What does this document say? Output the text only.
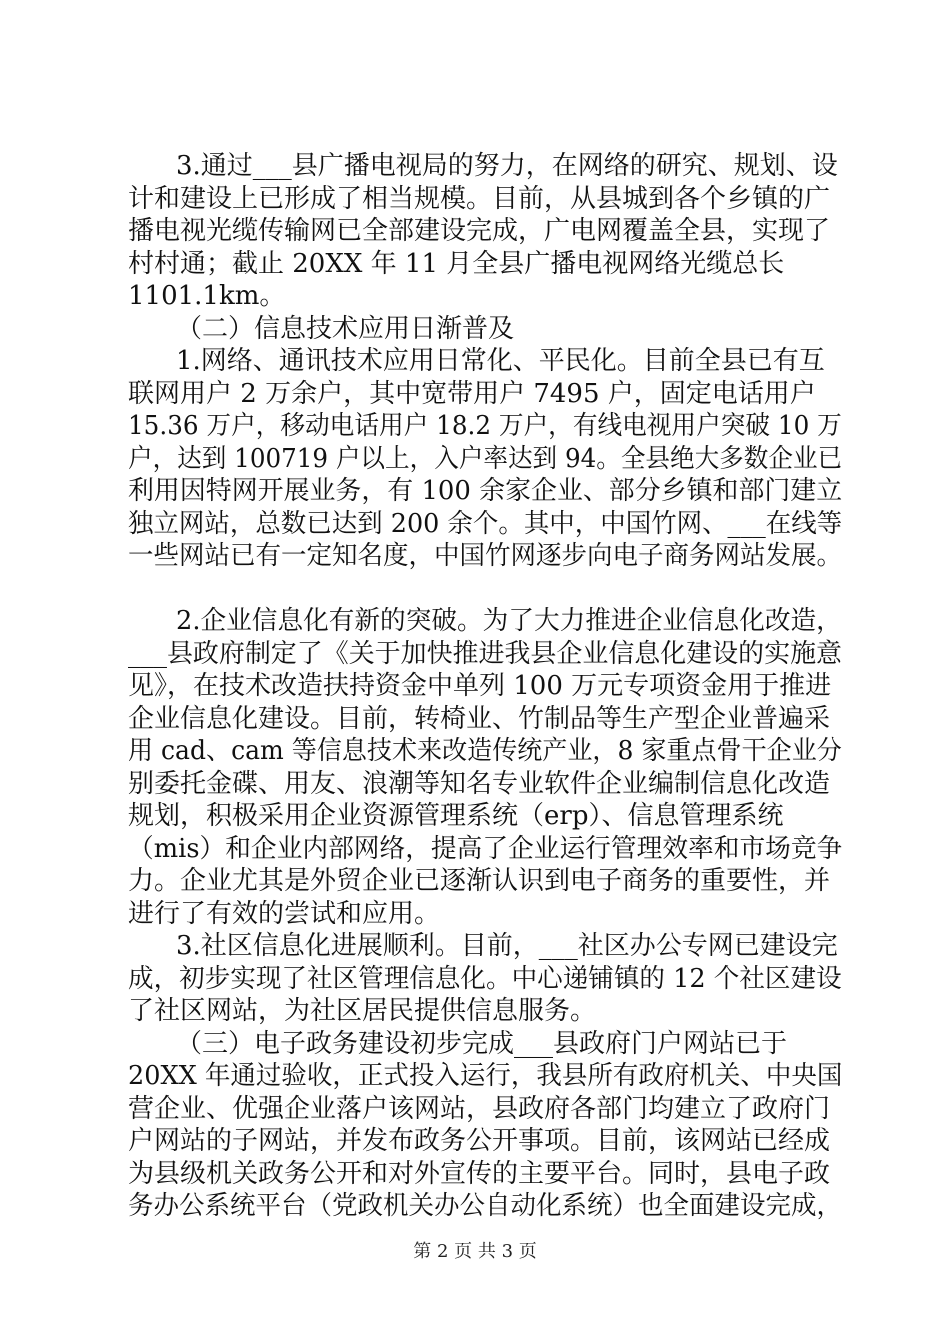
3.通过___县广播电视局的努力，在网络的研究、规划、设
计和建设上已形成了相当规模。目前，从县城到各个乡镇的广
播电视光缆传输网已全部建设完成，广电网覆盖全县，实现了
村村通；截止 20XX 年 11 月全县广播电视网络光缆总长
1101.1km。
（二）信息技术应用日渐普及
1.网络、通讯技术应用日常化、平民化。目前全县已有互
联网用户 2 万余户，其中宽带用户 7495 户，固定电话用户
15.36 万户，移动电话用户 18.2 万户，有线电视用户突破 10 万
户，达到 100719 户以上，入户率达到 94。全县绝大多数企业已
利用因特网开展业务，有 100 余家企业、部分乡镇和部门建立
独立网站，总数已达到 200 余个。其中，中国竹网、___在线等
一些网站已有一定知名度，中国竹网逐步向电子商务网站发展。
2.企业信息化有新的突破。为了大力推进企业信息化改造，
___县政府制定了《关于加快推进我县企业信息化建设的实施意
见》，在技术改造扶持资金中单列 100 万元专项资金用于推进
企业信息化建设。目前，转椅业、竹制品等生产型企业普遍采
用 cad、cam 等信息技术来改造传统产业，8 家重点骨干企业分
别委托金碟、用友、浪潮等知名专业软件企业编制信息化改造
规划，积极采用企业资源管理系统（erp）、信息管理系统
（mis）和企业内部网络，提高了企业运行管理效率和市场竞争
力。企业尤其是外贸企业已逐渐认识到电子商务的重要性，并
进行了有效的尝试和应用。
3.社区信息化进展顺利。目前，___社区办公专网已建设完
成，初步实现了社区管理信息化。中心递铺镇的 12 个社区建设
了社区网站，为社区居民提供信息服务。
（三）电子政务建设初步完成___县政府门户网站已于
20XX 年通过验收，正式投入运行，我县所有政府机关、中央国
营企业、优强企业落户该网站，县政府各部门均建立了政府门
户网站的子网站，并发布政务公开事项。目前，该网站已经成
为县级机关政务公开和对外宣传的主要平台。同时，县电子政
务办公系统平台（党政机关办公自动化系统）也全面建设完成，
第 2 页 共 3 页
